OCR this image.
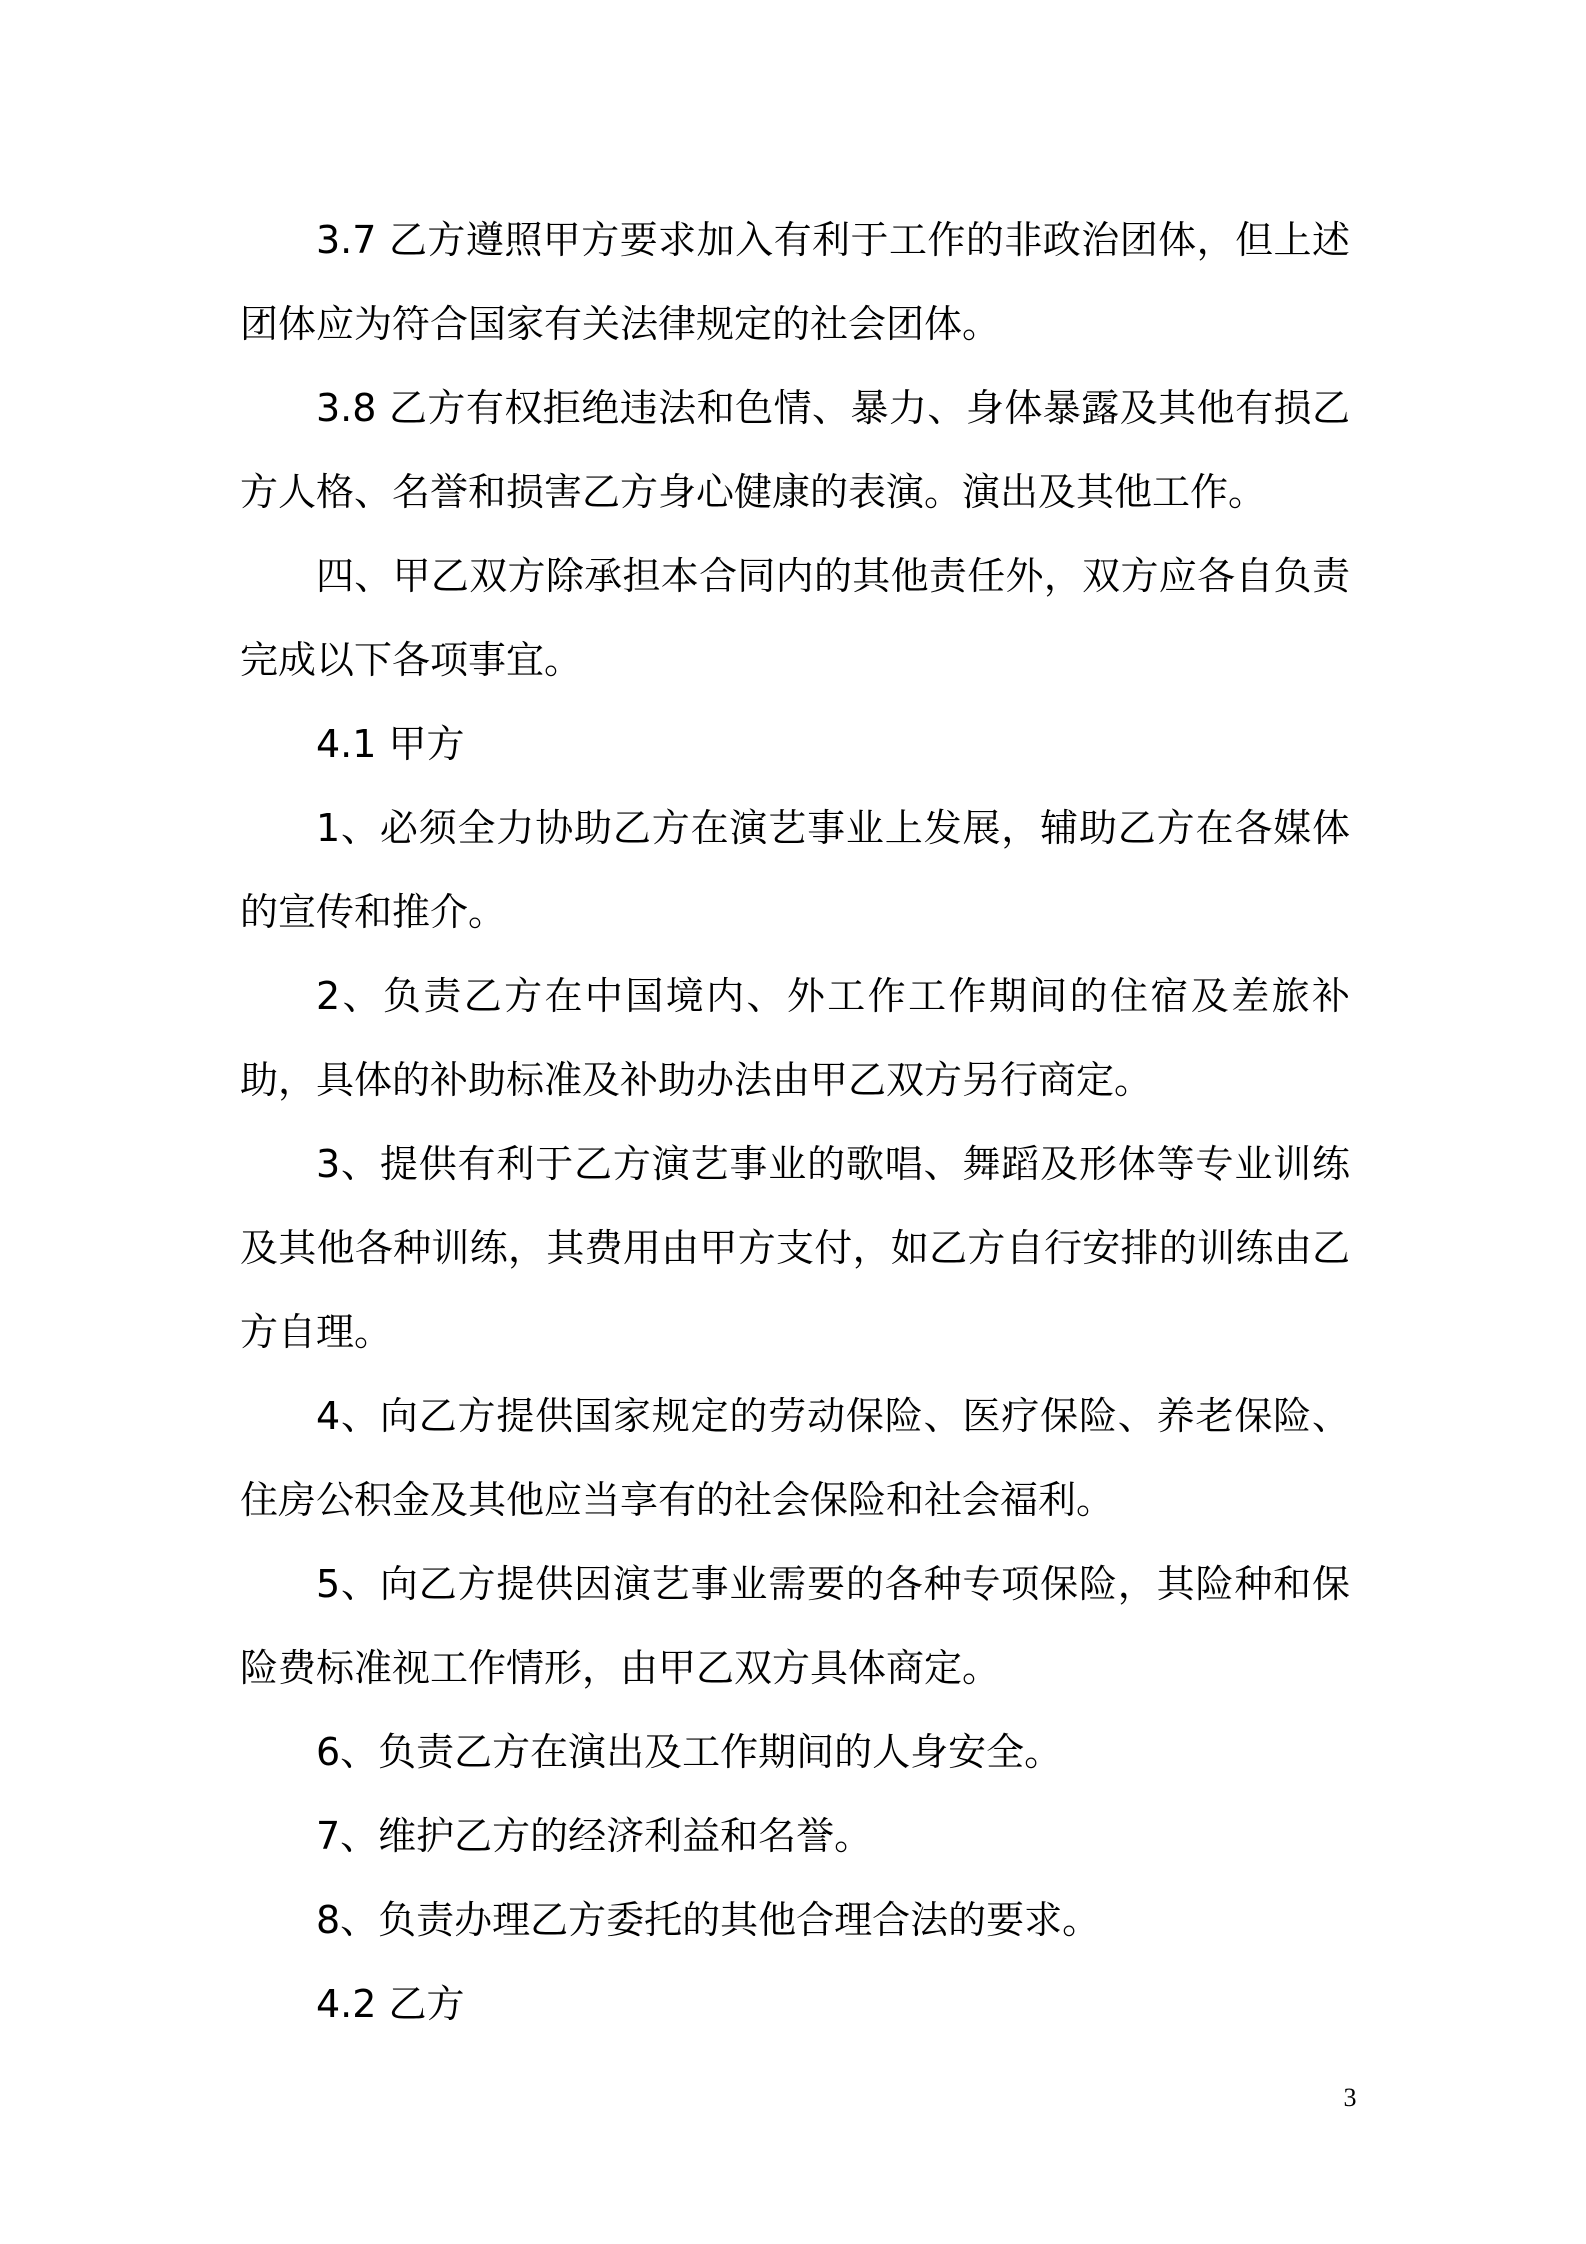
3.7 乙方遵照甲方要求加入有利于工作的非政治团体，但上述团体应为符合国家有关法律规定的社会团体。

3.8 乙方有权拒绝违法和色情、暴力、身体暴露及其他有损乙方人格、名誉和损害乙方身心健康的表演。演出及其他工作。

四、甲乙双方除承担本合同内的其他责任外，双方应各自负责完成以下各项事宜。

4.1 甲方

1、必须全力协助乙方在演艺事业上发展，辅助乙方在各媒体的宣传和推介。

2、负责乙方在中国境内、外工作工作期间的住宿及差旅补助，具体的补助标准及补助办法由甲乙双方另行商定。

3、提供有利于乙方演艺事业的歌唱、舞蹈及形体等专业训练及其他各种训练，其费用由甲方支付，如乙方自行安排的训练由乙方自理。

4、向乙方提供国家规定的劳动保险、医疗保险、养老保险、住房公积金及其他应当享有的社会保险和社会福利。

5、向乙方提供因演艺事业需要的各种专项保险，其险种和保险费标准视工作情形，由甲乙双方具体商定。

6、负责乙方在演出及工作期间的人身安全。

7、维护乙方的经济利益和名誉。

8、负责办理乙方委托的其他合理合法的要求。

4.2 乙方

3
